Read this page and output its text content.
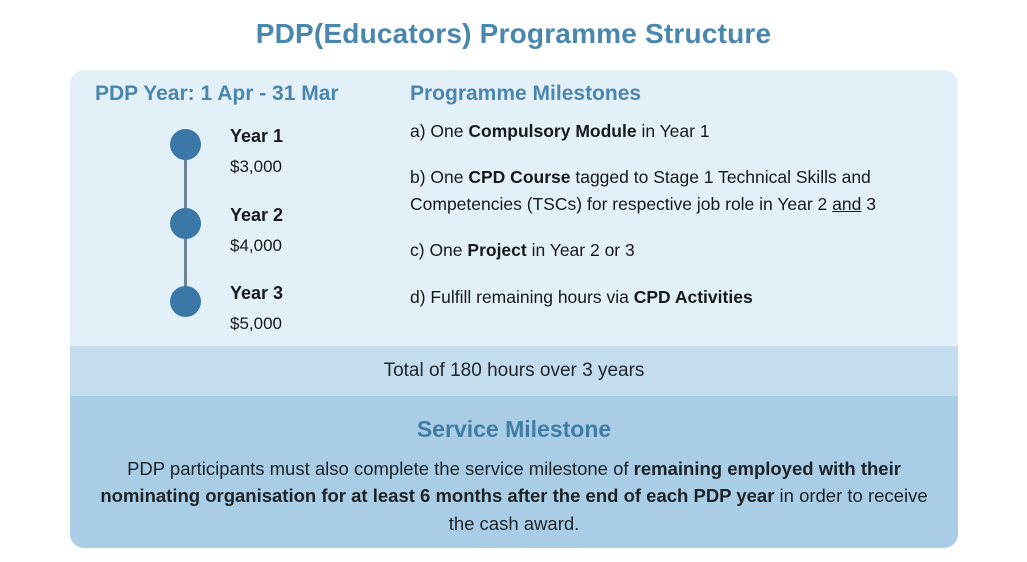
PDP(Educators) Programme Structure
PDP Year: 1 Apr - 31 Mar	Programme Milestones
Year 1
$3,000
Year 2
$4,000
Year 3
$5,000
a) One Compulsory Module in Year 1
b) One CPD Course tagged to Stage 1 Technical Skills and Competencies (TSCs) for respective job role in Year 2 and 3
c) One Project in Year 2 or 3
d) Fulfill remaining hours via CPD Activities
Total of 180 hours over 3 years
Service Milestone
PDP participants must also complete the service milestone of remaining employed with their nominating organisation for at least 6 months after the end of each PDP year in order to receive the cash award.
